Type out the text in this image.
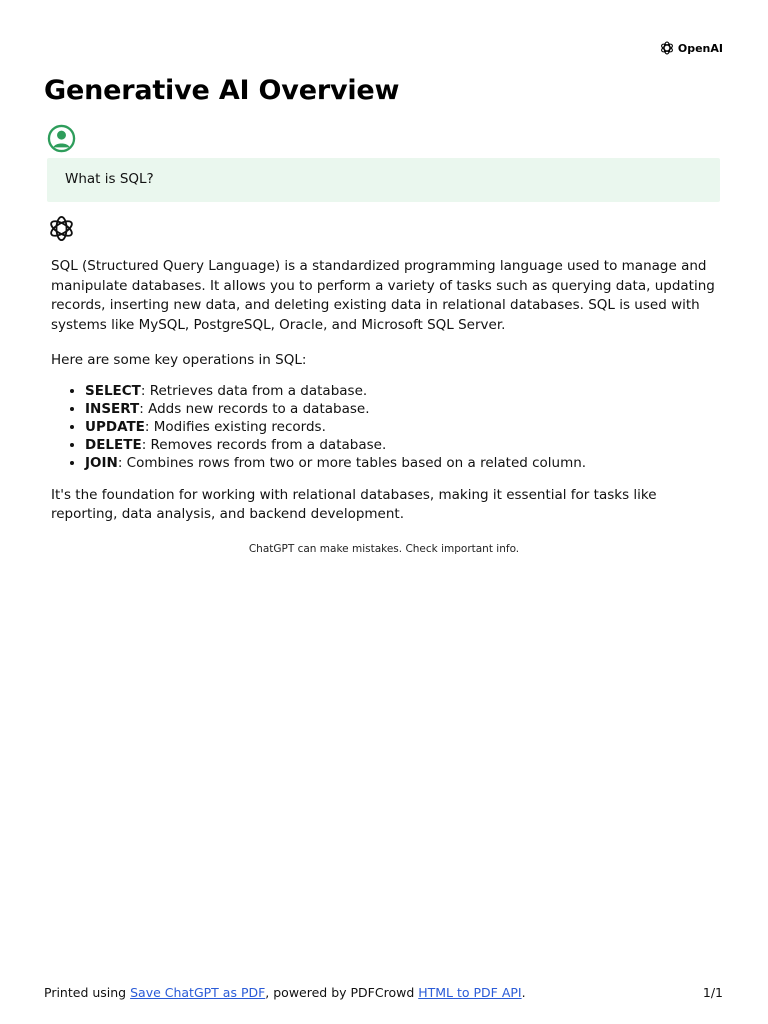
OpenAI
Generative AI Overview
What is SQL?

SQL (Structured Query Language) is a standardized programming language used to manage and manipulate databases. It allows you to perform a variety of tasks such as querying data, updating records, inserting new data, and deleting existing data in relational databases. SQL is used with systems like MySQL, PostgreSQL, Oracle, and Microsoft SQL Server.

Here are some key operations in SQL:

• SELECT: Retrieves data from a database.
• INSERT: Adds new records to a database.
• UPDATE: Modifies existing records.
• DELETE: Removes records from a database.
• JOIN: Combines rows from two or more tables based on a related column.

It's the foundation for working with relational databases, making it essential for tasks like reporting, data analysis, and backend development.

ChatGPT can make mistakes. Check important info.
Printed using Save ChatGPT as PDF, powered by PDFCrowd HTML to PDF API.	1/1
